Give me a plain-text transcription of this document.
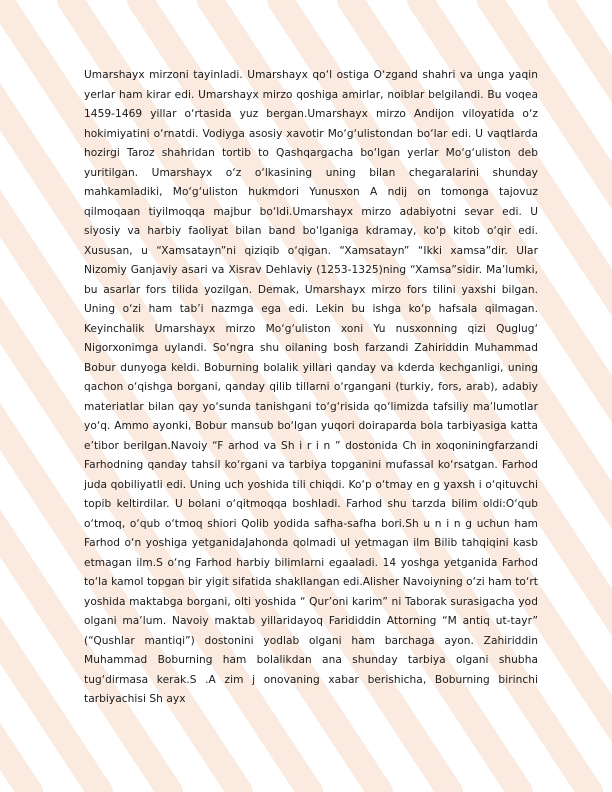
Umarshayx mirzoni tayinladi. Umarshayx qo‘l ostiga O‘zgand shahri va unga yaqin yerlar ham kirar edi. Umarshayx mirzo qoshiga amirlar, noiblar belgilandi. Bu voqea 1459-1469 yillar o‘rtasida yuz bergan.Umarshayx mirzo Andijon viloyatida o‘z hokimiyatini o‘rnatdi. Vodiyga asosiy xavotir Mo‘g‘ulistondan bo‘lar edi. U vaqtlarda hozirgi Taroz shahridan tortib to Qashqargacha bo‘lgan yerlar Mo‘g‘uliston deb yuritilgan. Umarshayx o‘z o‘lkasining uning bilan chegaralarini shunday mahkamladiki, Mo‘g‘uliston hukmdori Yunusxon A ndij on tomonga tajovuz qilmoqaan tiyilmoqqa majbur bo‘ldi.Umarshayx mirzo adabiyotni sevar edi. U siyosiy va harbiy faoliyat bilan band bo‘lganiga kdramay, ko‘p kitob o‘qir edi. Xususan, u “Xamsatayn”ni qiziqib o‘qigan. “Xamsatayn” “Ikki xamsa”dir. Ular Nizomiy Ganjaviy asari va Xisrav Dehlaviy (1253-1325)ning “Xamsa”sidir. Ma’lumki, bu asarlar fors tilida yozilgan. Demak, Umarshayx mirzo fors tilini yaxshi bilgan. Uning o‘zi ham tab’i nazmga ega edi. Lekin bu ishga ko‘p hafsala qilmagan. Keyinchalik Umarshayx mirzo Mo‘g‘uliston xoni Yu nusxonning qizi Quglug‘ Nigorxonimga uylandi. So‘ngra shu oilaning bosh farzandi Zahiriddin Muhammad Bobur dunyoga keldi. Boburning bolalik yillari qanday va kderda kechganligi, uning qachon o‘qishga borgani, qanday qilib tillarni o‘rgangani (turkiy, fors, arab), adabiy materiatlar bilan qay yo‘sunda tanishgani to‘g‘risida qo‘limizda tafsiliy ma’lumotlar yo‘q. Ammo ayonki, Bobur mansub bo‘lgan yuqori doiraparda bola tarbiyasiga katta e’tibor berilgan.Navoiy “F arhod va Sh i r i n ” dostonida Ch in xoqoniningfarzandi Farhodning qanday tahsil ko‘rgani va tarbiya topganini mufassal ko‘rsatgan. Farhod juda qobiliyatli edi. Uning uch yoshida tili chiqdi. Ko‘p o‘tmay en g yaxsh i o‘qituvchi topib keltirdilar. U bolani o‘qitmoqqa boshladi. Farhod shu tarzda bilim oldi:O‘qub o‘tmoq, o‘qub o‘tmoq shiori Qolib yodida safha-safha bori.Sh u n i n g uchun ham Farhod o‘n yoshiga yetganidaJahonda qolmadi ul yetmagan ilm Bilib tahqiqini kasb etmagan ilm.S o‘ng Farhod harbiy bilimlarni egaaladi. 14 yoshga yetganida Farhod to‘la kamol topgan bir yigit sifatida shakllangan edi.Alisher Navoiyning o‘zi ham to‘rt yoshida maktabga borgani, olti yoshida “ Qur’oni karim” ni Taborak surasigacha yod olgani ma’lum. Navoiy maktab yillaridayoq Farididdin Attorning “M antiq ut-tayr” (“Qushlar mantiqi”) dostonini yodlab olgani ham barchaga ayon. Zahiriddin Muhammad Boburning ham bolalikdan ana shunday tarbiya olgani shubha tug‘dirmasa kerak.S .A zim j onovaning xabar berishicha, Boburning birinchi tarbiyachisi Sh ayx
